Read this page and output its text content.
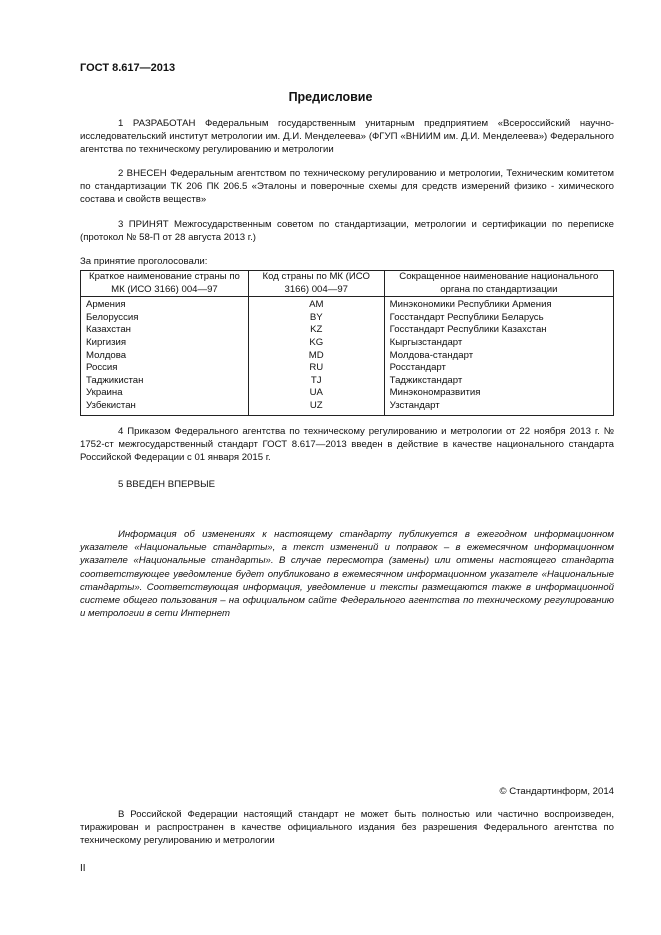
ГОСТ 8.617—2013
Предисловие

1 РАЗРАБОТАН Федеральным государственным унитарным предприятием «Всероссийский научно-исследовательский институт метрологии им. Д.И. Менделеева» (ФГУП «ВНИИМ им. Д.И. Менделеева») Федерального агентства по техническому регулированию и метрологии

2 ВНЕСЕН Федеральным агентством по техническому регулированию и метрологии, Техническим комитетом по стандартизации ТК 206 ПК 206.5 «Эталоны и поверочные схемы для средств измерений физико - химического состава и свойств веществ»

3 ПРИНЯТ Межгосударственным советом по стандартизации, метрологии и сертификации по переписке (протокол № 58-П от 28 августа 2013 г.)

За принятие проголосовали:
Краткое наименование страны по МК (ИСО 3166) 004—97	Код страны по МК (ИСО 3166) 004—97	Сокращенное наименование национального органа по стандартизации
Армения	AM	Минэкономики Республики Армения
Белоруссия	BY	Госстандарт Республики Беларусь
Казахстан	KZ	Госстандарт Республики Казахстан
Киргизия	KG	Кыргызстандарт
Молдова	MD	Молдова-стандарт
Россия	RU	Росстандарт
Таджикистан	TJ	Таджикстандарт
Украина	UA	Минэкономразвития
Узбекистан	UZ	Узстандарт

4 Приказом Федерального агентства по техническому регулированию и метрологии от 22 ноября 2013 г. № 1752-ст межгосударственный стандарт ГОСТ 8.617—2013 введен в действие в качестве национального стандарта Российской Федерации с 01 января 2015 г.

5 ВВЕДЕН ВПЕРВЫЕ

Информация об изменениях к настоящему стандарту публикуется в ежегодном информационном указателе «Национальные стандарты», а текст изменений и поправок – в ежемесячном информационном указателе «Национальные стандарты». В случае пересмотра (замены) или отмены настоящего стандарта соответствующее уведомление будет опубликовано в ежемесячном информационном указателе «Национальные стандарты». Соответствующая информация, уведомление и тексты размещаются также в информационной системе общего пользования – на официальном сайте Федерального агентства по техническому регулированию и метрологии в сети Интернет

© Стандартинформ, 2014

В Российской Федерации настоящий стандарт не может быть полностью или частично воспроизведен, тиражирован и распространен в качестве официального издания без разрешения Федерального агентства по техническому регулированию и метрологии

II
